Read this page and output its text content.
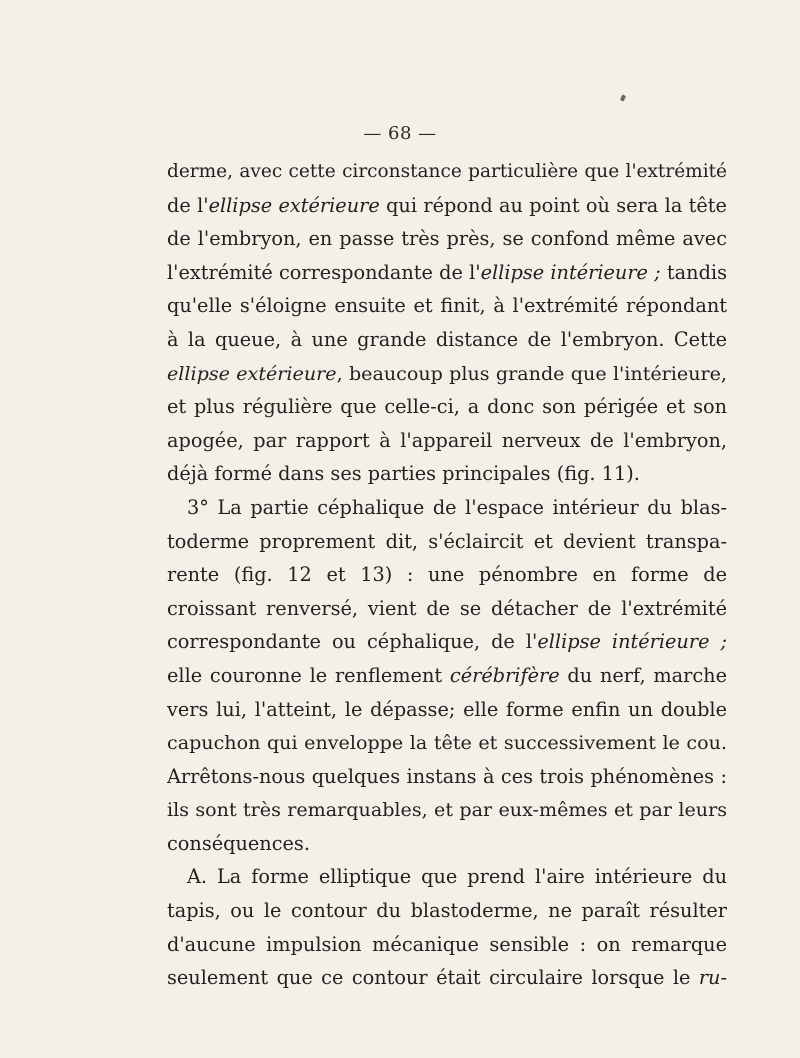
— 68 —
derme, avec cette circonstance particulière que l'extrémité
de l'ellipse extérieure qui répond au point où sera la tête
de l'embryon, en passe très près, se confond même avec
l'extrémité correspondante de l'ellipse intérieure ; tandis
qu'elle s'éloigne ensuite et finit, à l'extrémité répondant
à la queue, à une grande distance de l'embryon. Cette
ellipse extérieure, beaucoup plus grande que l'intérieure,
et plus régulière que celle-ci, a donc son périgée et son
apogée, par rapport à l'appareil nerveux de l'embryon,
déjà formé dans ses parties principales (fig. 11).
3° La partie céphalique de l'espace intérieur du blas-
toderme proprement dit, s'éclaircit et devient transpa-
rente (fig. 12 et 13) : une pénombre en forme de
croissant renversé, vient de se détacher de l'extrémité
correspondante ou céphalique, de l'ellipse intérieure ;
elle couronne le renflement cérébrifère du nerf, marche
vers lui, l'atteint, le dépasse; elle forme enfin un double
capuchon qui enveloppe la tête et successivement le cou.
Arrêtons-nous quelques instans à ces trois phénomènes :
ils sont très remarquables, et par eux-mêmes et par leurs
conséquences.
A. La forme elliptique que prend l'aire intérieure du
tapis, ou le contour du blastoderme, ne paraît résulter
d'aucune impulsion mécanique sensible : on remarque
seulement que ce contour était circulaire lorsque le ru-
